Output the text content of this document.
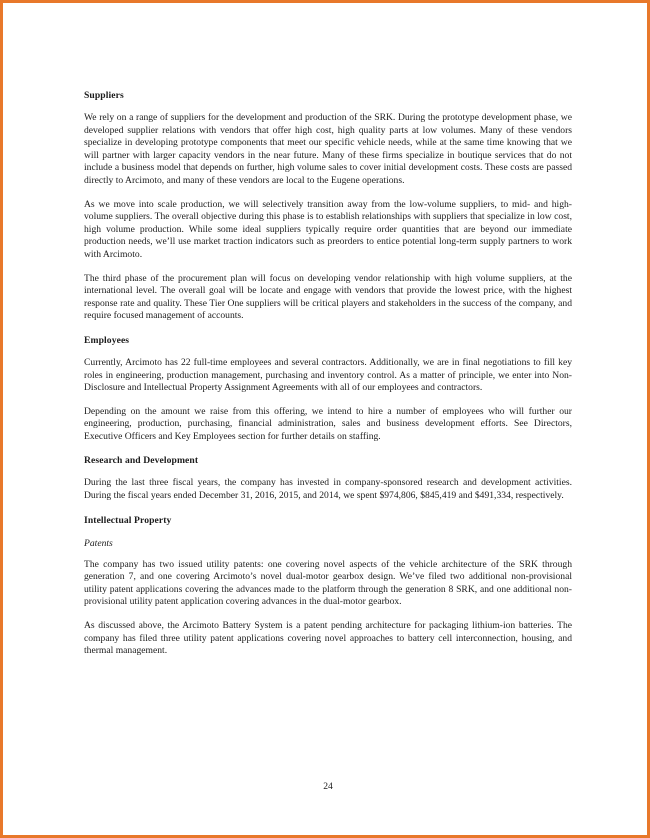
Suppliers

We rely on a range of suppliers for the development and production of the SRK. During the prototype development phase, we developed supplier relations with vendors that offer high cost, high quality parts at low volumes. Many of these vendors specialize in developing prototype components that meet our specific vehicle needs, while at the same time knowing that we will partner with larger capacity vendors in the near future. Many of these firms specialize in boutique services that do not include a business model that depends on further, high volume sales to cover initial development costs. These costs are passed directly to Arcimoto, and many of these vendors are local to the Eugene operations.

As we move into scale production, we will selectively transition away from the low-volume suppliers, to mid- and high-volume suppliers. The overall objective during this phase is to establish relationships with suppliers that specialize in low cost, high volume production. While some ideal suppliers typically require order quantities that are beyond our immediate production needs, we’ll use market traction indicators such as preorders to entice potential long-term supply partners to work with Arcimoto.

The third phase of the procurement plan will focus on developing vendor relationship with high volume suppliers, at the international level. The overall goal will be locate and engage with vendors that provide the lowest price, with the highest response rate and quality. These Tier One suppliers will be critical players and stakeholders in the success of the company, and require focused management of accounts.

Employees

Currently, Arcimoto has 22 full-time employees and several contractors. Additionally, we are in final negotiations to fill key roles in engineering, production management, purchasing and inventory control. As a matter of principle, we enter into Non-Disclosure and Intellectual Property Assignment Agreements with all of our employees and contractors.

Depending on the amount we raise from this offering, we intend to hire a number of employees who will further our engineering, production, purchasing, financial administration, sales and business development efforts. See Directors, Executive Officers and Key Employees section for further details on staffing.

Research and Development

During the last three fiscal years, the company has invested in company-sponsored research and development activities. During the fiscal years ended December 31, 2016, 2015, and 2014, we spent $974,806, $845,419 and $491,334, respectively.

Intellectual Property
Patents

The company has two issued utility patents: one covering novel aspects of the vehicle architecture of the SRK through generation 7, and one covering Arcimoto’s novel dual-motor gearbox design. We’ve filed two additional non-provisional utility patent applications covering the advances made to the platform through the generation 8 SRK, and one additional non-provisional utility patent application covering advances in the dual-motor gearbox.

As discussed above, the Arcimoto Battery System is a patent pending architecture for packaging lithium-ion batteries. The company has filed three utility patent applications covering novel approaches to battery cell interconnection, housing, and thermal management.

24
